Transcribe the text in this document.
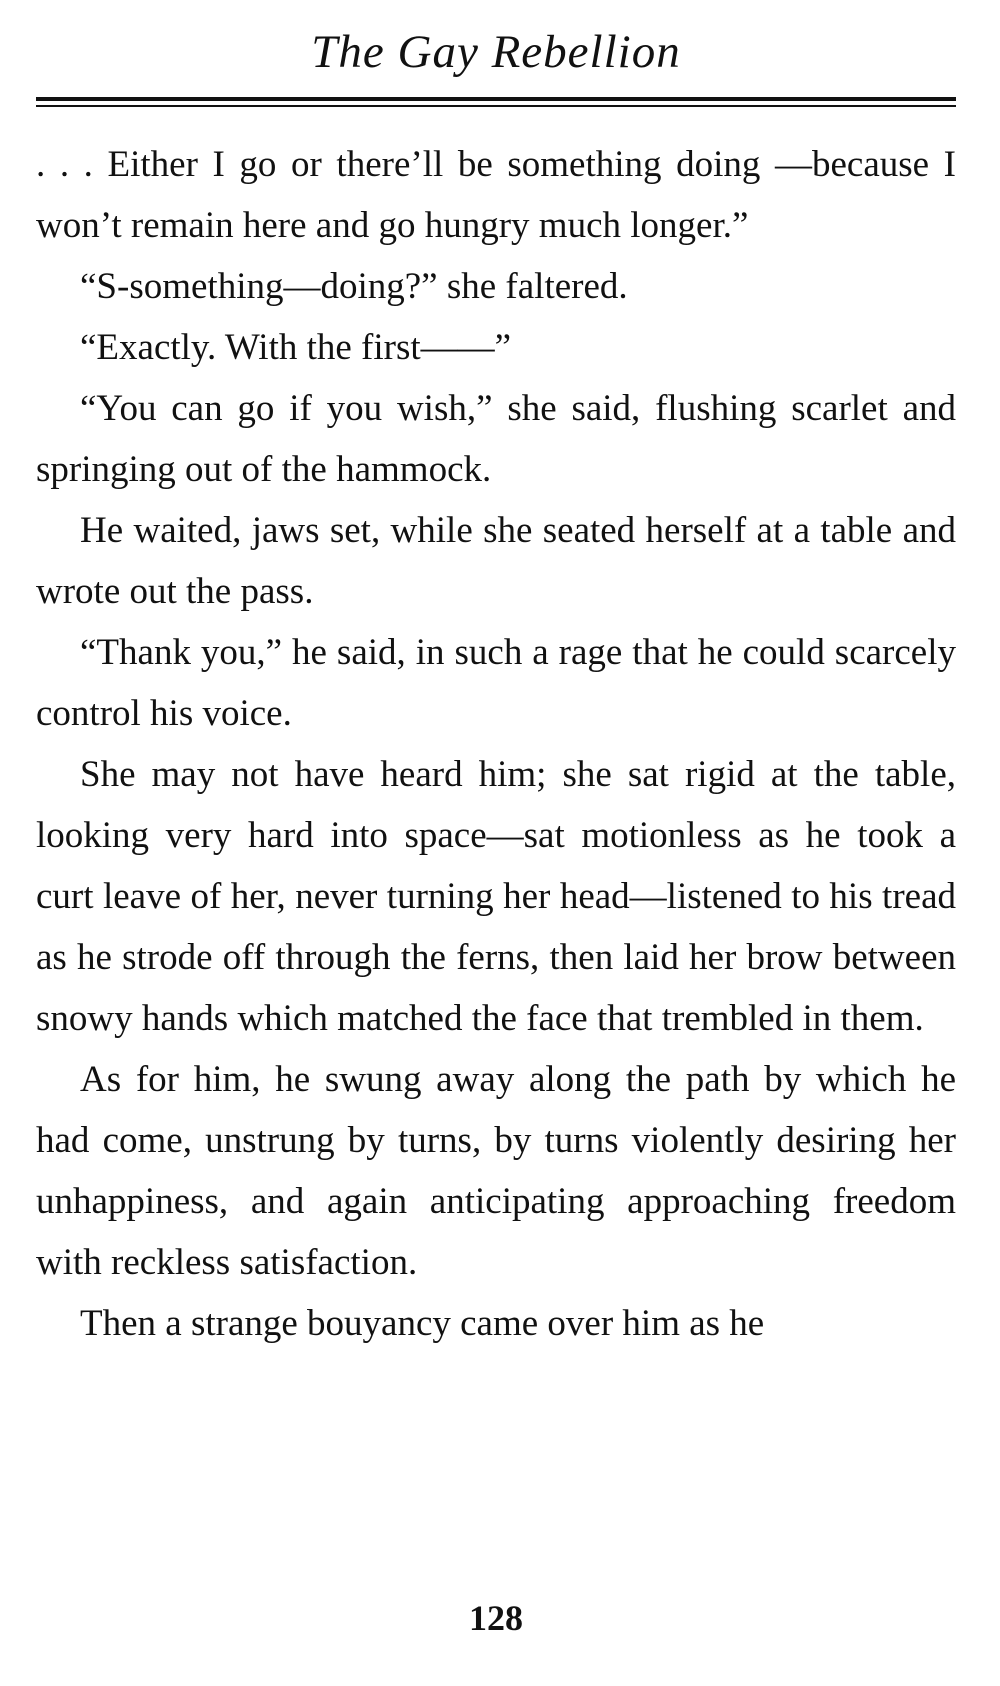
The Gay Rebellion

. . . Either I go or there’ll be something doing —because I won’t remain here and go hungry much longer.”

“S-something—doing?” she faltered.

“Exactly. With the first——”

“You can go if you wish,” she said, flushing scarlet and springing out of the hammock.

He waited, jaws set, while she seated herself at a table and wrote out the pass.

“Thank you,” he said, in such a rage that he could scarcely control his voice.

She may not have heard him; she sat rigid at the table, looking very hard into space—sat motionless as he took a curt leave of her, never turning her head—listened to his tread as he strode off through the ferns, then laid her brow between snowy hands which matched the face that trembled in them.

As for him, he swung away along the path by which he had come, unstrung by turns, by turns violently desiring her unhappiness, and again anticipating approaching freedom with reckless satisfaction.

Then a strange bouyancy came over him as he

128
